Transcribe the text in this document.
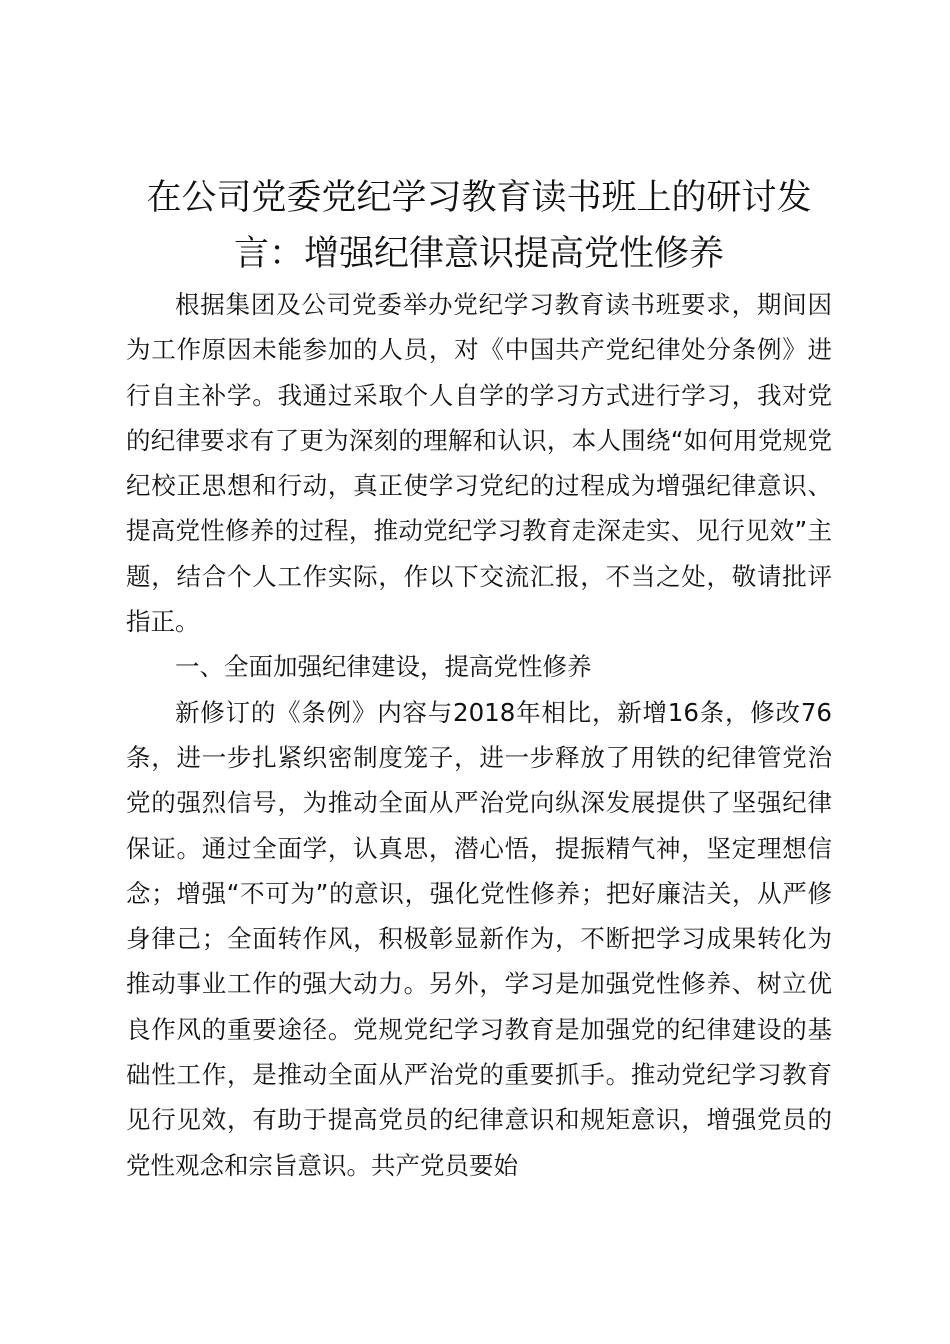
在公司党委党纪学习教育读书班上的研讨发言：增强纪律意识提高党性修养

根据集团及公司党委举办党纪学习教育读书班要求，期间因为工作原因未能参加的人员，对《中国共产党纪律处分条例》进行自主补学。我通过采取个人自学的学习方式进行学习，我对党的纪律要求有了更为深刻的理解和认识，本人围绕“如何用党规党纪校正思想和行动，真正使学习党纪的过程成为增强纪律意识、提高党性修养的过程，推动党纪学习教育走深走实、见行见效”主题，结合个人工作实际，作以下交流汇报，不当之处，敬请批评指正。

一、全面加强纪律建设，提高党性修养

新修订的《条例》内容与2018年相比，新增16条，修改76条，进一步扎紧织密制度笼子，进一步释放了用铁的纪律管党治党的强烈信号，为推动全面从严治党向纵深发展提供了坚强纪律保证。通过全面学，认真思，潜心悟，提振精气神，坚定理想信念；增强“不可为”的意识，强化党性修养；把好廉洁关，从严修身律己；全面转作风，积极彰显新作为，不断把学习成果转化为推动事业工作的强大动力。另外，学习是加强党性修养、树立优良作风的重要途径。党规党纪学习教育是加强党的纪律建设的基础性工作，是推动全面从严治党的重要抓手。推动党纪学习教育见行见效，有助于提高党员的纪律意识和规矩意识，增强党员的党性观念和宗旨意识。共产党员要始
